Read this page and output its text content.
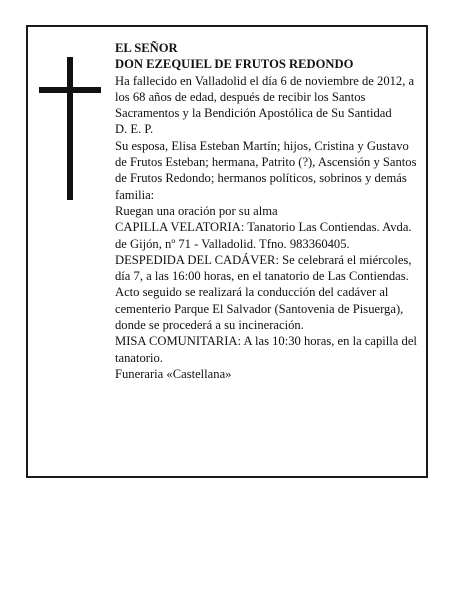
EL SEÑOR

DON EZEQUIEL DE FRUTOS REDONDO

Ha fallecido en Valladolid el día 6 de noviembre de 2012, a los 68 años de edad, después de recibir los Santos Sacramentos y la Bendición Apostólica de Su Santidad

D. E. P.

Su esposa, Elisa Esteban Martín; hijos, Cristina y Gustavo de Frutos Esteban; hermana, Patrito (?), Ascensión y Santos de Frutos Redondo; hermanos políticos, sobrinos y demás familia:

Ruegan una oración por su alma

CAPILLA VELATORIA: Tanatorio Las Contiendas. Avda. de Gijón, nº 71 - Valladolid. Tfno. 983360405.

DESPEDIDA DEL CADÁVER: Se celebrará el miércoles, día 7, a las 16:00 horas, en el tanatorio de Las Contiendas. Acto seguido se realizará la conducción del cadáver al cementerio Parque El Salvador (Santovenia de Pisuerga), donde se procederá a su incineración.

MISA COMUNITARIA: A las 10:30 horas, en la capilla del tanatorio.

Funeraria «Castellana»
